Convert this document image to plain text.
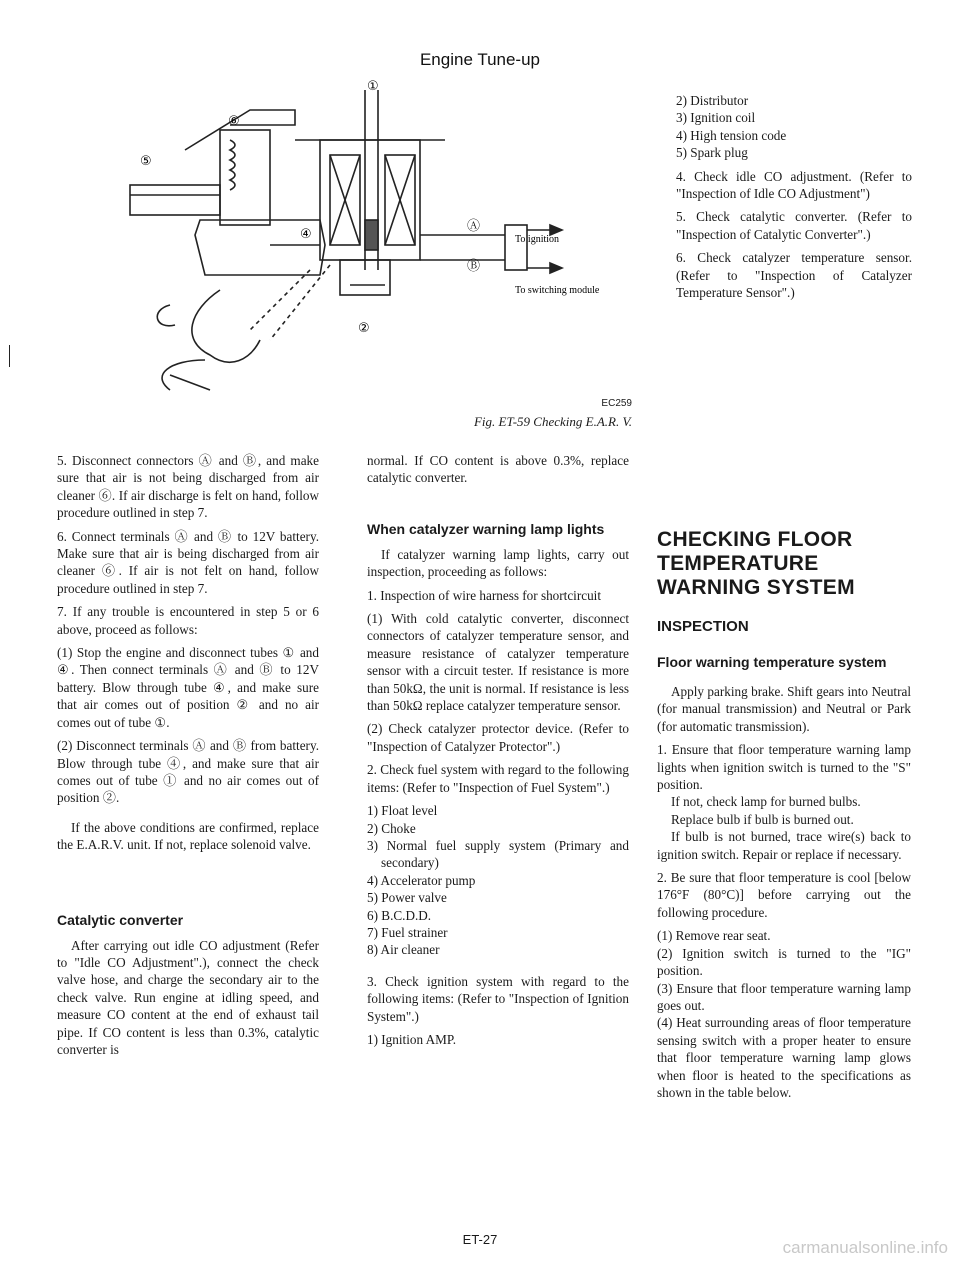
Engine Tune-up
①
②
④
⑤
⑥
Ⓐ
Ⓑ
To ignition
To switching module
EC259
Fig. ET-59 Checking E.A.R. V.

2) Distributor

3) Ignition coil

4) High tension code

5) Spark plug

4. Check idle CO adjustment. (Refer to "Inspection of Idle CO Adjustment")

5. Check catalytic converter. (Refer to "Inspection of Catalytic Converter".)

6. Check catalyzer temperature sensor. (Refer to "Inspection of Catalyzer Temperature Sensor".)

5. Disconnect connectors Ⓐ and Ⓑ, and make sure that air is not being discharged from air cleaner ⑥. If air discharge is felt on hand, follow procedure outlined in step 7.

6. Connect terminals Ⓐ and Ⓑ to 12V battery. Make sure that air is being discharged from air cleaner ⑥. If air is not felt on hand, follow procedure outlined in step 7.

7. If any trouble is encountered in step 5 or 6 above, proceed as follows:

(1) Stop the engine and disconnect tubes ① and ④. Then connect terminals Ⓐ and Ⓑ to 12V battery. Blow through tube ④, and make sure that air comes out of position ② and no air comes out of tube ①.

(2) Disconnect terminals Ⓐ and Ⓑ from battery. Blow through tube ④, and make sure that air comes out of tube ① and no air comes out of position ②.

If the above conditions are confirmed, replace the E.A.R.V. unit. If not, replace solenoid valve.

Catalytic converter

After carrying out idle CO adjustment (Refer to "Idle CO Adjustment".), connect the check valve hose, and charge the secondary air to the check valve. Run engine at idling speed, and measure CO content at the end of exhaust tail pipe. If CO content is less than 0.3%, catalytic converter is

normal. If CO content is above 0.3%, replace catalytic converter.

When catalyzer warning lamp lights

If catalyzer warning lamp lights, carry out inspection, proceeding as follows:

1. Inspection of wire harness for shortcircuit

(1) With cold catalytic converter, disconnect connectors of catalyzer temperature sensor, and measure resistance of catalyzer temperature sensor with a circuit tester. If resistance is more than 50kΩ, the unit is normal. If resistance is less than 50kΩ replace catalyzer temperature sensor.

(2) Check catalyzer protector device. (Refer to "Inspection of Catalyzer Protector".)

2. Check fuel system with regard to the following items: (Refer to "Inspection of Fuel System".)

1) Float level

2) Choke

3) Normal fuel supply system (Primary and secondary)

4) Accelerator pump

5) Power valve

6) B.C.D.D.

7) Fuel strainer

8) Air cleaner

3. Check ignition system with regard to the following items: (Refer to "Inspection of Ignition System".)

1) Ignition AMP.

CHECKING FLOOR TEMPERATURE WARNING SYSTEM
INSPECTION
Floor warning temperature system

Apply parking brake. Shift gears into Neutral (for manual transmission) and Neutral or Park (for automatic transmission).

1. Ensure that floor temperature warning lamp lights when ignition switch is turned to the "S" position.

If not, check lamp for burned bulbs.

Replace bulb if bulb is burned out.

If bulb is not burned, trace wire(s) back to ignition switch. Repair or replace if necessary.

2. Be sure that floor temperature is cool [below 176°F (80°C)] before carrying out the following procedure.

(1) Remove rear seat.

(2) Ignition switch is turned to the "IG" position.

(3) Ensure that floor temperature warning lamp goes out.

(4) Heat surrounding areas of floor temperature sensing switch with a proper heater to ensure that floor temperature warning lamp glows when floor is heated to the specifications as shown in the table below.

ET-27	carmanualsonline.info
